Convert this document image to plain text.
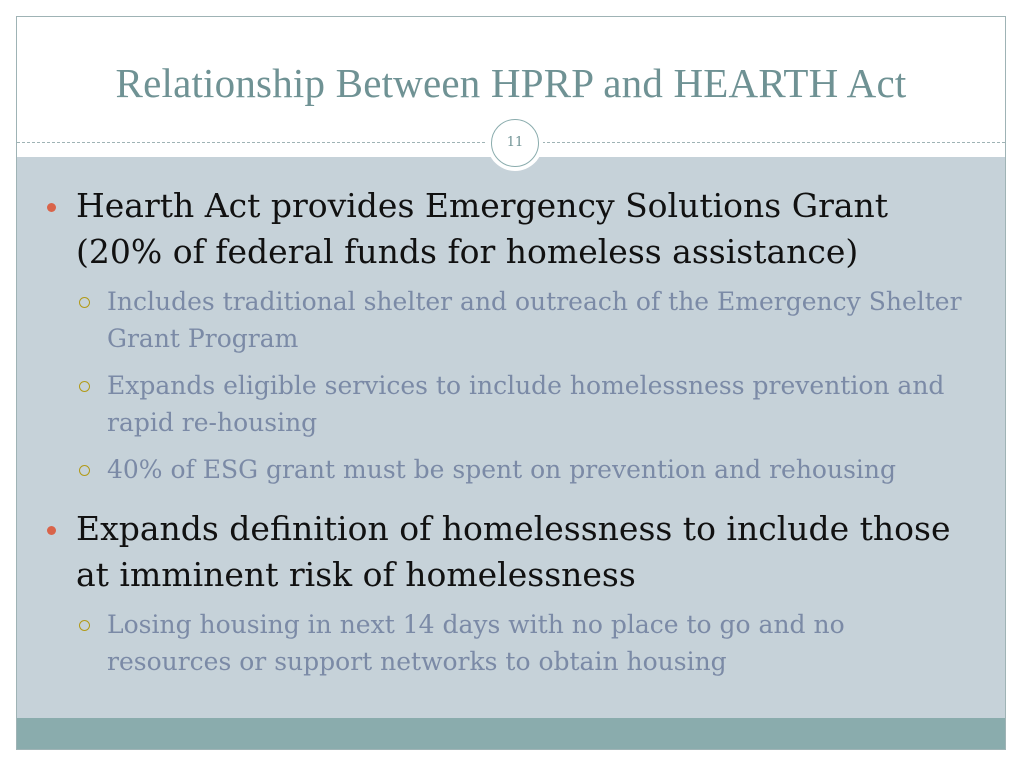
Relationship Between HPRP and HEARTH Act
11
Hearth Act provides Emergency Solutions Grant (20% of federal funds for homeless assistance)
Includes traditional shelter and outreach of the Emergency Shelter Grant Program
Expands eligible services to include homelessness prevention and rapid re-housing
40% of ESG grant must be spent on prevention and rehousing
Expands definition of homelessness to include those at imminent risk of homelessness
Losing housing in next 14 days with no place to go and no resources or support networks to obtain housing
